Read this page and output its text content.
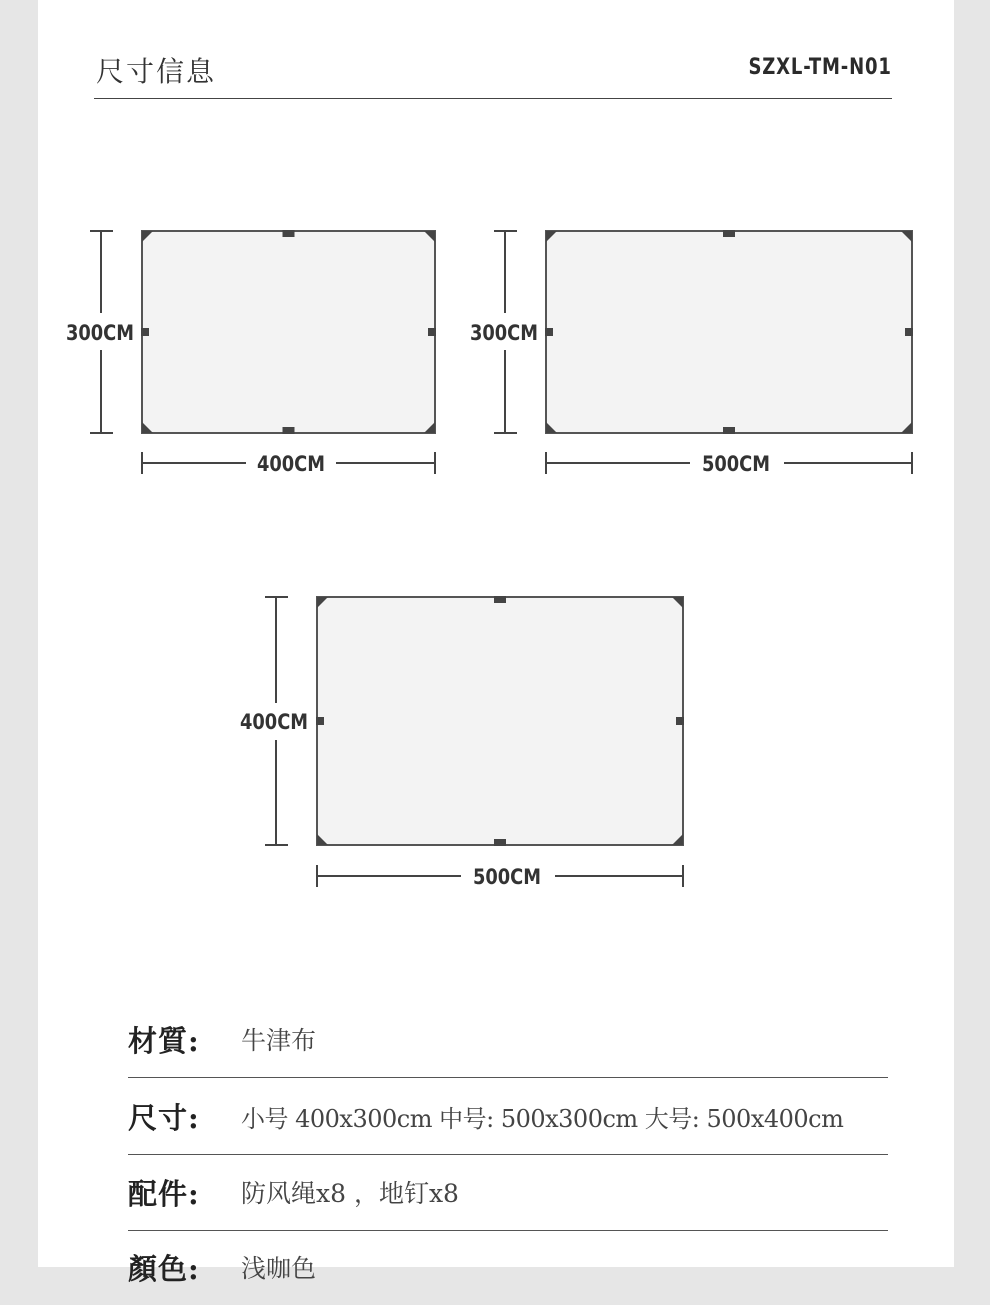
尺寸信息	SZXL-TM-N01
300CM
400CM
300CM
500CM
400CM
500CM
材質:	牛津布
尺寸:	小号 400x300cm 中号: 500x300cm 大号: 500x400cm
配件:	防风绳x8 ，地钉x8
顏色:	浅咖色
